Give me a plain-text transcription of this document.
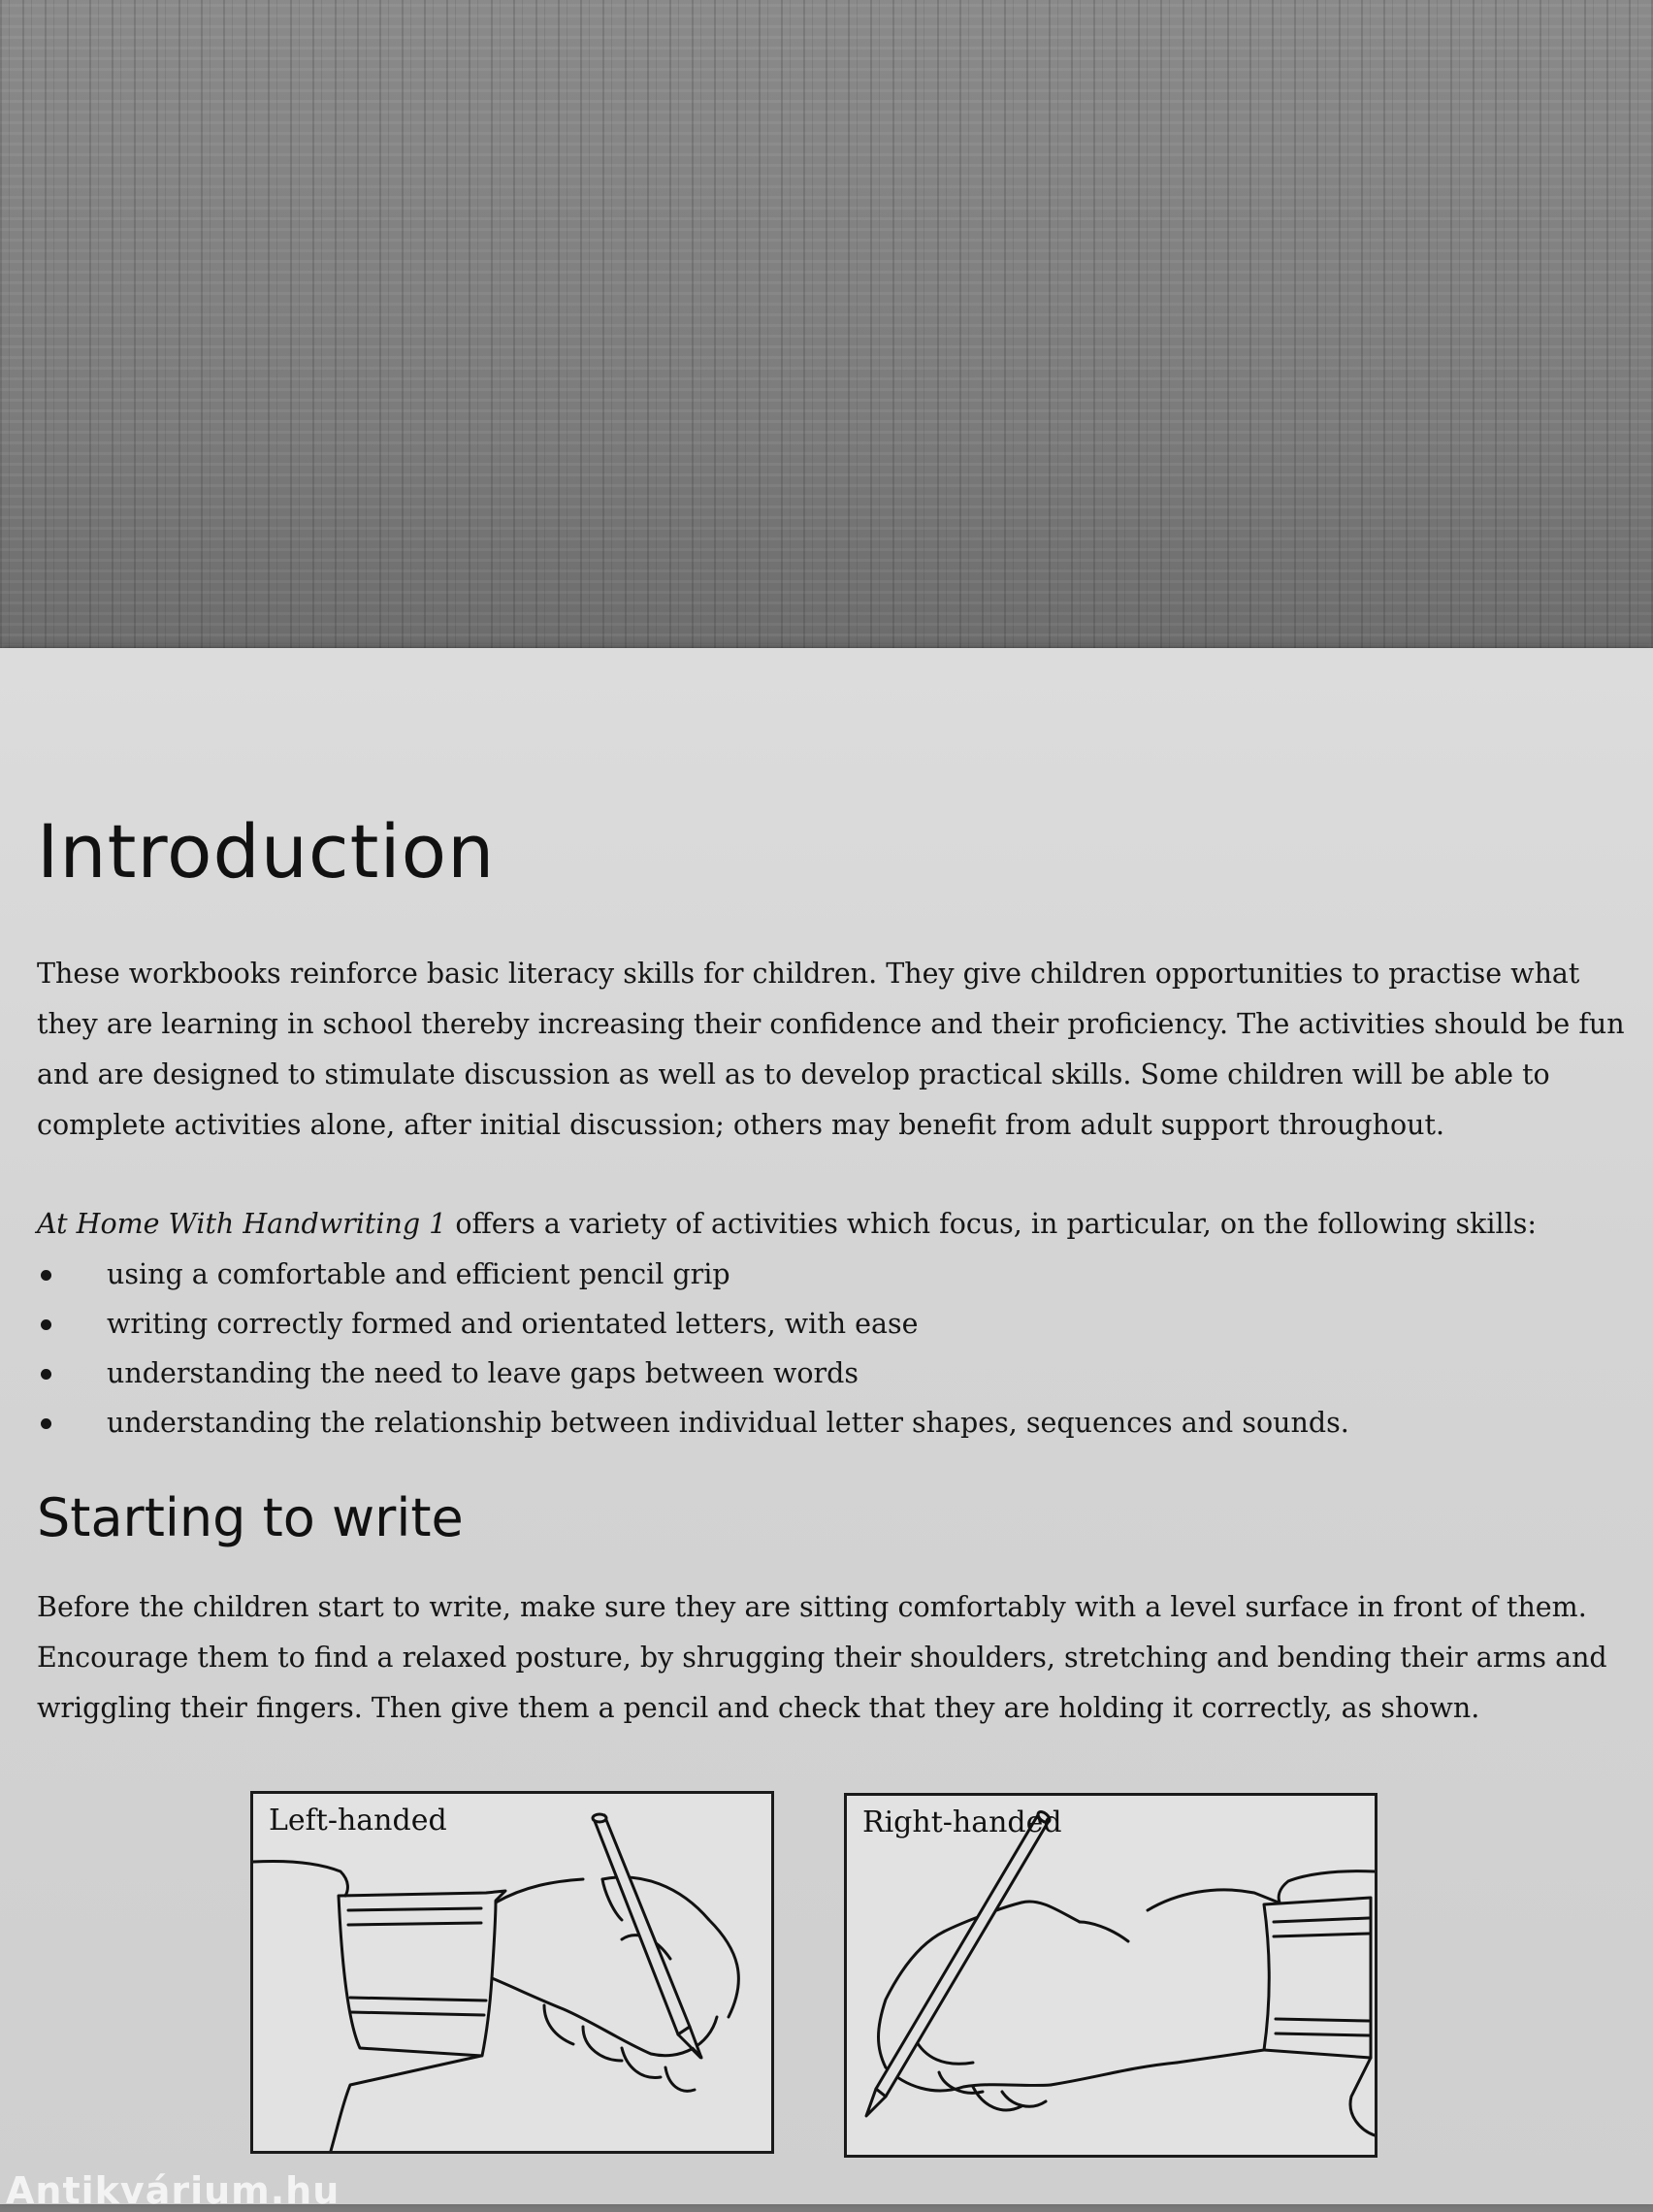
Introduction

These workbooks reinforce basic literacy skills for children. They give children opportunities to practise what they are learning in school thereby increasing their confidence and their proficiency. The activities should be fun and are designed to stimulate discussion as well as to develop practical skills. Some children will be able to complete activities alone, after initial discussion; others may benefit from adult support throughout.

At Home With Handwriting 1 offers a variety of activities which focus, in particular, on the following skills:

using a comfortable and efficient pencil grip
writing correctly formed and orientated letters, with ease
understanding the need to leave gaps between words
understanding the relationship between individual letter shapes, sequences and sounds.
Starting to write

Before the children start to write, make sure they are sitting comfortably with a level surface in front of them. Encourage them to find a relaxed posture, by shrugging their shoulders, stretching and bending their arms and wriggling their fingers. Then give them a pencil and check that they are holding it correctly, as shown.

Left-handed	Right-handed
Antikvárium.hu
